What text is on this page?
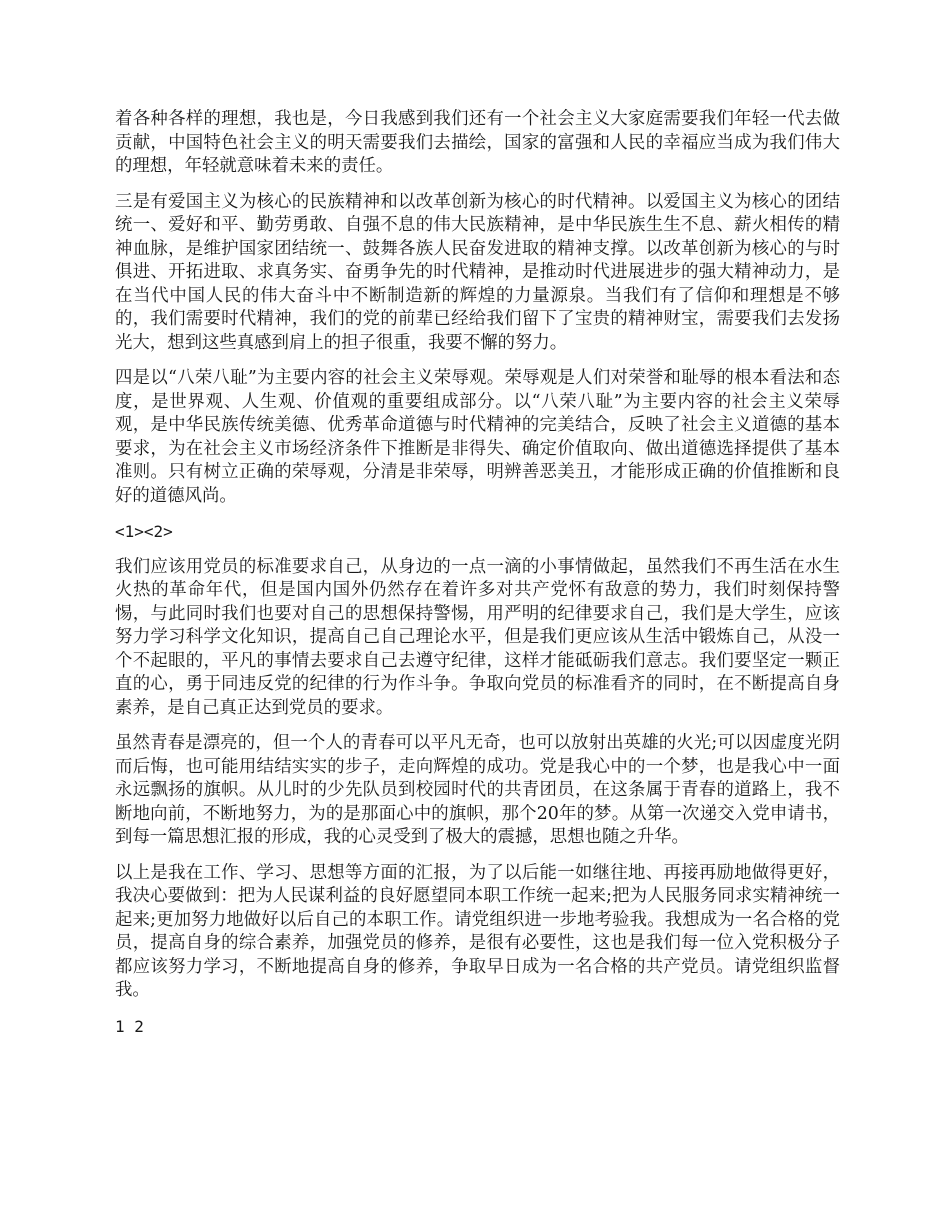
着各种各样的理想，我也是，今日我感到我们还有一个社会主义大家庭需要我们年轻一代去做贡献，中国特色社会主义的明天需要我们去描绘，国家的富强和人民的幸福应当成为我们伟大的理想，年轻就意味着未来的责任。

三是有爱国主义为核心的民族精神和以改革创新为核心的时代精神。以爱国主义为核心的团结统一、爱好和平、勤劳勇敢、自强不息的伟大民族精神，是中华民族生生不息、薪火相传的精神血脉，是维护国家团结统一、鼓舞各族人民奋发进取的精神支撑。以改革创新为核心的与时俱进、开拓进取、求真务实、奋勇争先的时代精神，是推动时代进展进步的强大精神动力，是在当代中国人民的伟大奋斗中不断制造新的辉煌的力量源泉。当我们有了信仰和理想是不够的，我们需要时代精神，我们的党的前辈已经给我们留下了宝贵的精神财宝，需要我们去发扬光大，想到这些真感到肩上的担子很重，我要不懈的努力。

四是以“八荣八耻”为主要内容的社会主义荣辱观。荣辱观是人们对荣誉和耻辱的根本看法和态度，是世界观、人生观、价值观的重要组成部分。以“八荣八耻”为主要内容的社会主义荣辱观，是中华民族传统美德、优秀革命道德与时代精神的完美结合，反映了社会主义道德的基本要求，为在社会主义市场经济条件下推断是非得失、确定价值取向、做出道德选择提供了基本准则。只有树立正确的荣辱观，分清是非荣辱，明辨善恶美丑，才能形成正确的价值推断和良好的道德风尚。

<1><2>

我们应该用党员的标准要求自己，从身边的一点一滴的小事情做起，虽然我们不再生活在水生火热的革命年代，但是国内国外仍然存在着许多对共产党怀有敌意的势力，我们时刻保持警惕，与此同时我们也要对自己的思想保持警惕，用严明的纪律要求自己，我们是大学生，应该努力学习科学文化知识，提高自己自己理论水平，但是我们更应该从生活中锻炼自己，从没一个不起眼的，平凡的事情去要求自己去遵守纪律，这样才能砥砺我们意志。我们要坚定一颗正直的心，勇于同违反党的纪律的行为作斗争。争取向党员的标准看齐的同时，在不断提高自身素养，是自己真正达到党员的要求。

虽然青春是漂亮的，但一个人的青春可以平凡无奇，也可以放射出英雄的火光;可以因虚度光阴而后悔，也可能用结结实实的步子，走向辉煌的成功。党是我心中的一个梦，也是我心中一面永远飘扬的旗帜。从儿时的少先队员到校园时代的共青团员，在这条属于青春的道路上，我不断地向前，不断地努力，为的是那面心中的旗帜，那个20年的梦。从第一次递交入党申请书，到每一篇思想汇报的形成，我的心灵受到了极大的震撼，思想也随之升华。

以上是我在工作、学习、思想等方面的汇报，为了以后能一如继往地、再接再励地做得更好，我决心要做到：把为人民谋利益的良好愿望同本职工作统一起来;把为人民服务同求实精神统一起来;更加努力地做好以后自己的本职工作。请党组织进一步地考验我。我想成为一名合格的党员，提高自身的综合素养，加强党员的修养，是很有必要性，这也是我们每一位入党积极分子都应该努力学习，不断地提高自身的修养，争取早日成为一名合格的共产党员。请党组织监督我。

1 2
